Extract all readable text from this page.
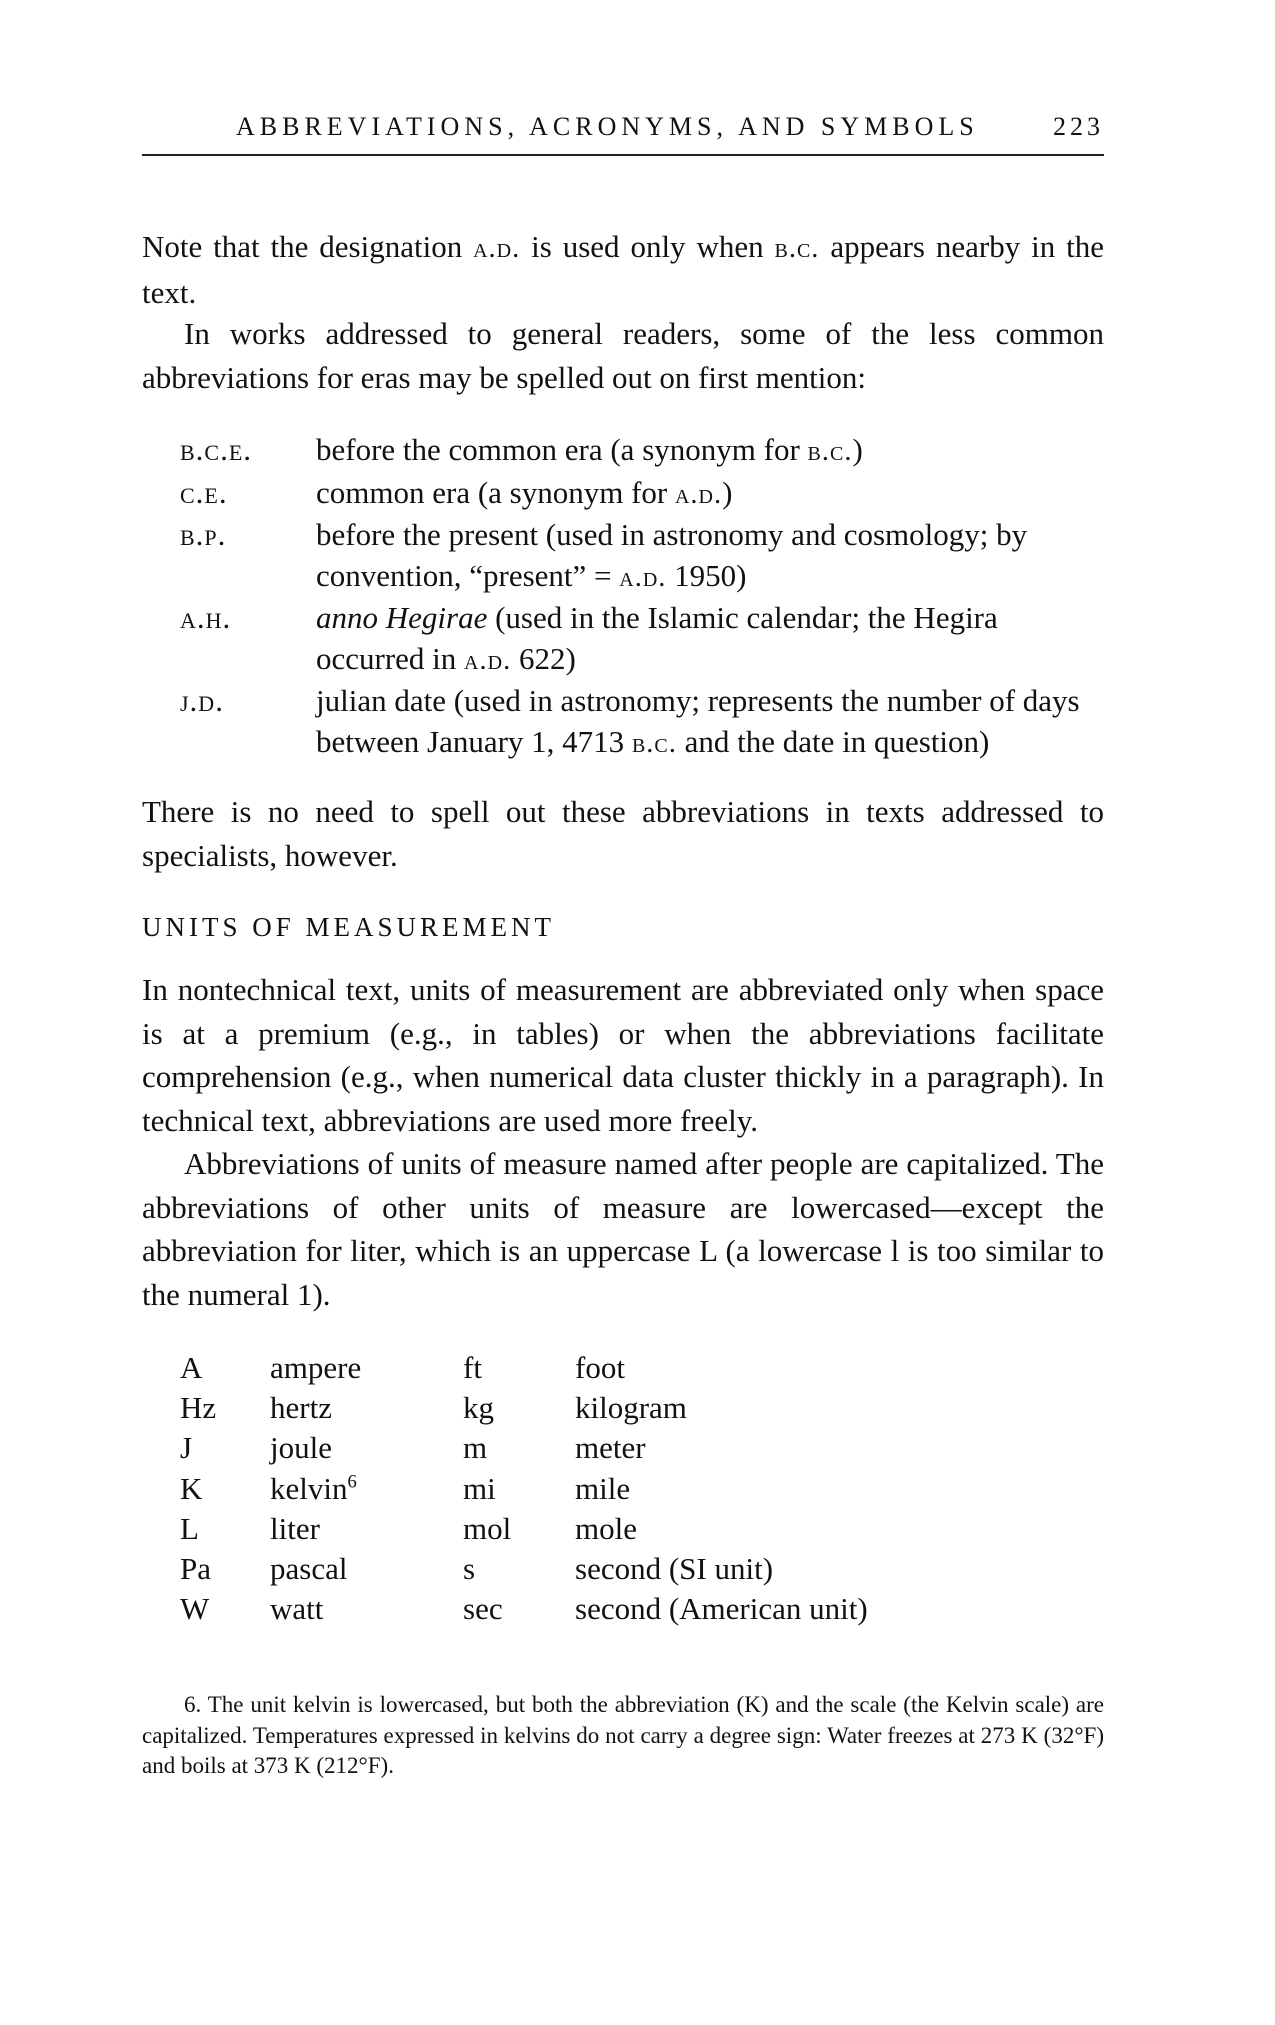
ABBREVIATIONS, ACRONYMS, AND SYMBOLS	223

Note that the designation a.d. is used only when b.c. appears nearby in the text.

In works addressed to general readers, some of the less common abbreviations for eras may be spelled out on first mention:

b.c.e.	before the common era (a synonym for b.c.)
c.e.	common era (a synonym for a.d.)
b.p.	before the present (used in astronomy and cosmology; by convention, “present” = a.d. 1950)
a.h.	anno Hegirae (used in the Islamic calendar; the Hegira occurred in a.d. 622)
j.d.	julian date (used in astronomy; represents the number of days between January 1, 4713 b.c. and the date in question)

There is no need to spell out these abbreviations in texts addressed to specialists, however.

UNITS OF MEASUREMENT

In nontechnical text, units of measurement are abbreviated only when space is at a premium (e.g., in tables) or when the abbreviations facilitate comprehension (e.g., when numerical data cluster thickly in a paragraph). In technical text, abbreviations are used more freely.

Abbreviations of units of measure named after people are capitalized. The abbreviations of other units of measure are lowercased—except the abbreviation for liter, which is an uppercase L (a lowercase l is too similar to the numeral 1).

A	ampere	ft	foot
Hz	hertz	kg	kilogram
J	joule	m	meter
K	kelvin$^6$	mi	mile
L	liter	mol	mole
Pa	pascal	s	second (SI unit)
W	watt	sec	second (American unit)

6. The unit kelvin is lowercased, but both the abbreviation (K) and the scale (the Kelvin scale) are capitalized. Temperatures expressed in kelvins do not carry a degree sign: Water freezes at 273 K (32°F) and boils at 373 K (212°F).
